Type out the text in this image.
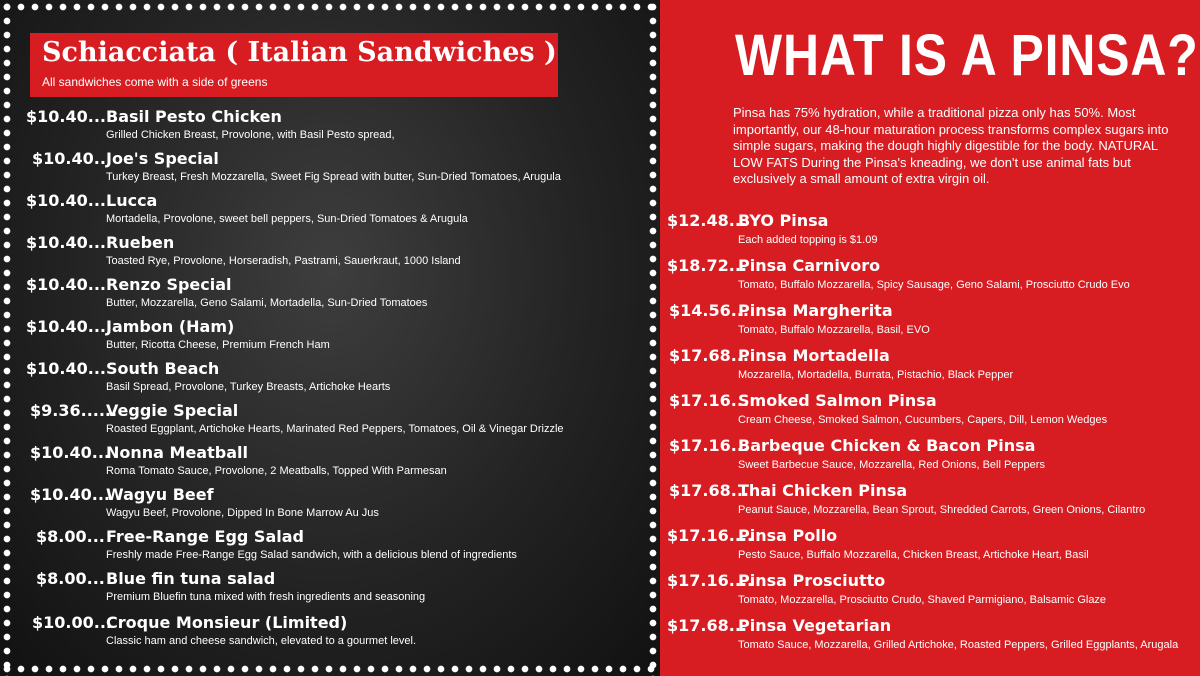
Schiacciata ( Italian Sandwiches )
All sandwiches come with a side of greens
$10.40... Basil Pesto Chicken
Grilled Chicken Breast, Provolone, with Basil Pesto spread,
$10.40...
Joe's Special
Turkey Breast, Fresh Mozzarella, Sweet Fig Spread with butter, Sun-Dried Tomatoes, Arugula
$10.40... Lucca
Mortadella, Provolone, sweet bell peppers, Sun-Dried Tomatoes & Arugula
$10.40... Rueben
Toasted Rye, Provolone, Horseradish, Pastrami, Sauerkraut, 1000 Island
$10.40... Renzo Special
Butter, Mozzarella, Geno Salami, Mortadella, Sun-Dried Tomatoes
$10.40... Jambon (Ham)
Butter, Ricotta Cheese, Premium French Ham
$10.40... South Beach
Basil Spread, Provolone, Turkey Breasts, Artichoke Hearts
$9.36......
Veggie Special
Roasted Eggplant, Artichoke Hearts, Marinated Red Peppers, Tomatoes, Oil & Vinegar Drizzle
$10.40...
Nonna Meatball
Roma Tomato Sauce, Provolone, 2 Meatballs, Topped With Parmesan
$10.40...
Wagyu Beef
Wagyu Beef, Provolone, Dipped In Bone Marrow Au Jus
$8.00... Free-Range Egg Salad
Freshly made Free-Range Egg Salad sandwich, with a delicious blend of ingredients
$8.00... Blue fin tuna salad
Premium Bluefin tuna mixed with fresh ingredients and seasoning
$10.00...
Croque Monsieur (Limited)
Classic ham and cheese sandwich, elevated to a gourmet level.
WHAT IS A PINSA?
Pinsa has 75% hydration, while a traditional pizza only has 50%. Most importantly, our 48-hour maturation process transforms complex sugars into simple sugars, making the dough highly digestible for the body. NATURAL LOW FATS During the Pinsa's kneading, we don't use animal fats but exclusively a small amount of extra virgin oil.
$12.48...
BYO Pinsa
Each added topping is $1.09
$18.72...
Pinsa Carnivoro
Tomato, Buffalo Mozzarella, Spicy Sausage, Geno Salami, Prosciutto Crudo Evo
$14.56...
Pinsa Margherita
Tomato, Buffalo Mozzarella, Basil, EVO
$17.68...
Pinsa Mortadella
Mozzarella, Mortadella, Burrata, Pistachio, Black Pepper
$17.16...
Smoked Salmon Pinsa
Cream Cheese, Smoked Salmon, Cucumbers, Capers, Dill, Lemon Wedges
$17.16...
Barbeque Chicken & Bacon Pinsa
Sweet Barbecue Sauce, Mozzarella, Red Onions, Bell Peppers
$17.68...
Thai Chicken Pinsa
Peanut Sauce, Mozzarella, Bean Sprout, Shredded Carrots, Green Onions, Cilantro
$17.16....
Pinsa Pollo
Pesto Sauce, Buffalo Mozzarella, Chicken Breast, Artichoke Heart, Basil
$17.16....
Pinsa Prosciutto
Tomato, Mozzarella, Prosciutto Crudo, Shaved Parmigiano, Balsamic Glaze
$17.68...
Pinsa Vegetarian
Tomato Sauce, Mozzarella, Grilled Artichoke, Roasted Peppers, Grilled Eggplants, Arugala
